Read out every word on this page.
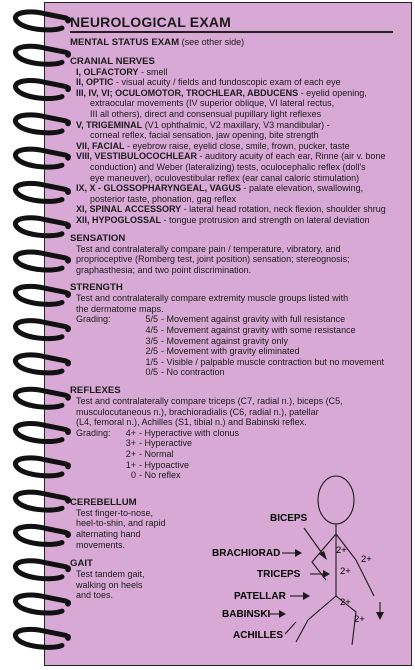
NEUROLOGICAL EXAM
MENTAL STATUS EXAM (see other side)
CRANIAL NERVES
I, OLFACTORY - smell
II, OPTIC - visual acuity / fields and fundoscopic exam of each eye
III, IV, VI; OCULOMOTOR, TROCHLEAR, ABDUCENS - eyelid opening,
extraocular movements (IV superior oblique, VI lateral rectus,
III all others), direct and consensual pupillary light reflexes
V, TRIGEMINAL (V1 ophthalmic, V2 maxillary, V3 mandibular) -
corneal reflex, facial sensation, jaw opening, bite strength
VII, FACIAL - eyebrow raise, eyelid close, smile, frown, pucker, taste
VIII, VESTIBULOCOCHLEAR - auditory acuity of each ear, Rinne (air v. bone
conduction) and Weber (lateralizing) tests, oculocephalic reflex (doll's
eye maneuver), oculovestibular reflex (ear canal caloric stimulation)
IX, X - GLOSSOPHARYNGEAL, VAGUS - palate elevation, swallowing,
posterior taste, phonation, gag reflex
XI, SPINAL ACCESSORY - lateral head rotation, neck flexion, shoulder shrug
XII, HYPOGLOSSAL - tongue protrusion and strength on lateral deviation
SENSATION
Test and contralaterally compare pain / temperature, vibratory, and
proprioceptive (Romberg test, joint position) sensation; stereognosis;
graphasthesia; and two point discrimination.
STRENGTH
Test and contralaterally compare extremity muscle groups listed with
the dermatome maps.
Grading:	5/5 - Movement against gravity with full resistance
4/5 - Movement against gravity with some resistance
3/5 - Movement against gravity only
2/5 - Movement with gravity eliminated
1/5 - Visible / palpable muscle contraction but no movement
0/5 - No contraction
REFLEXES
Test and contralaterally compare triceps (C7, radial n.), biceps (C5,
musculocutaneous n.), brachioradialis (C6, radial n.), patellar
(L4, femoral n.), Achilles (S1, tibial n.) and Babinski reflex.
Grading:	4+ - Hyperactive with clonus
3+ - Hyperactive
2+ - Normal
1+ - Hypoactive
0 - No reflex
CEREBELLUM
Test finger-to-nose,
heel-to-shin, and rapid
alternating hand
movements.
GAIT
Test tandem gait,
walking on heels
and toes.
BICEPS
BRACHIORAD
TRICEPS
PATELLAR
BABINSKI
ACHILLES
2+
2+
2+
2+
2+
